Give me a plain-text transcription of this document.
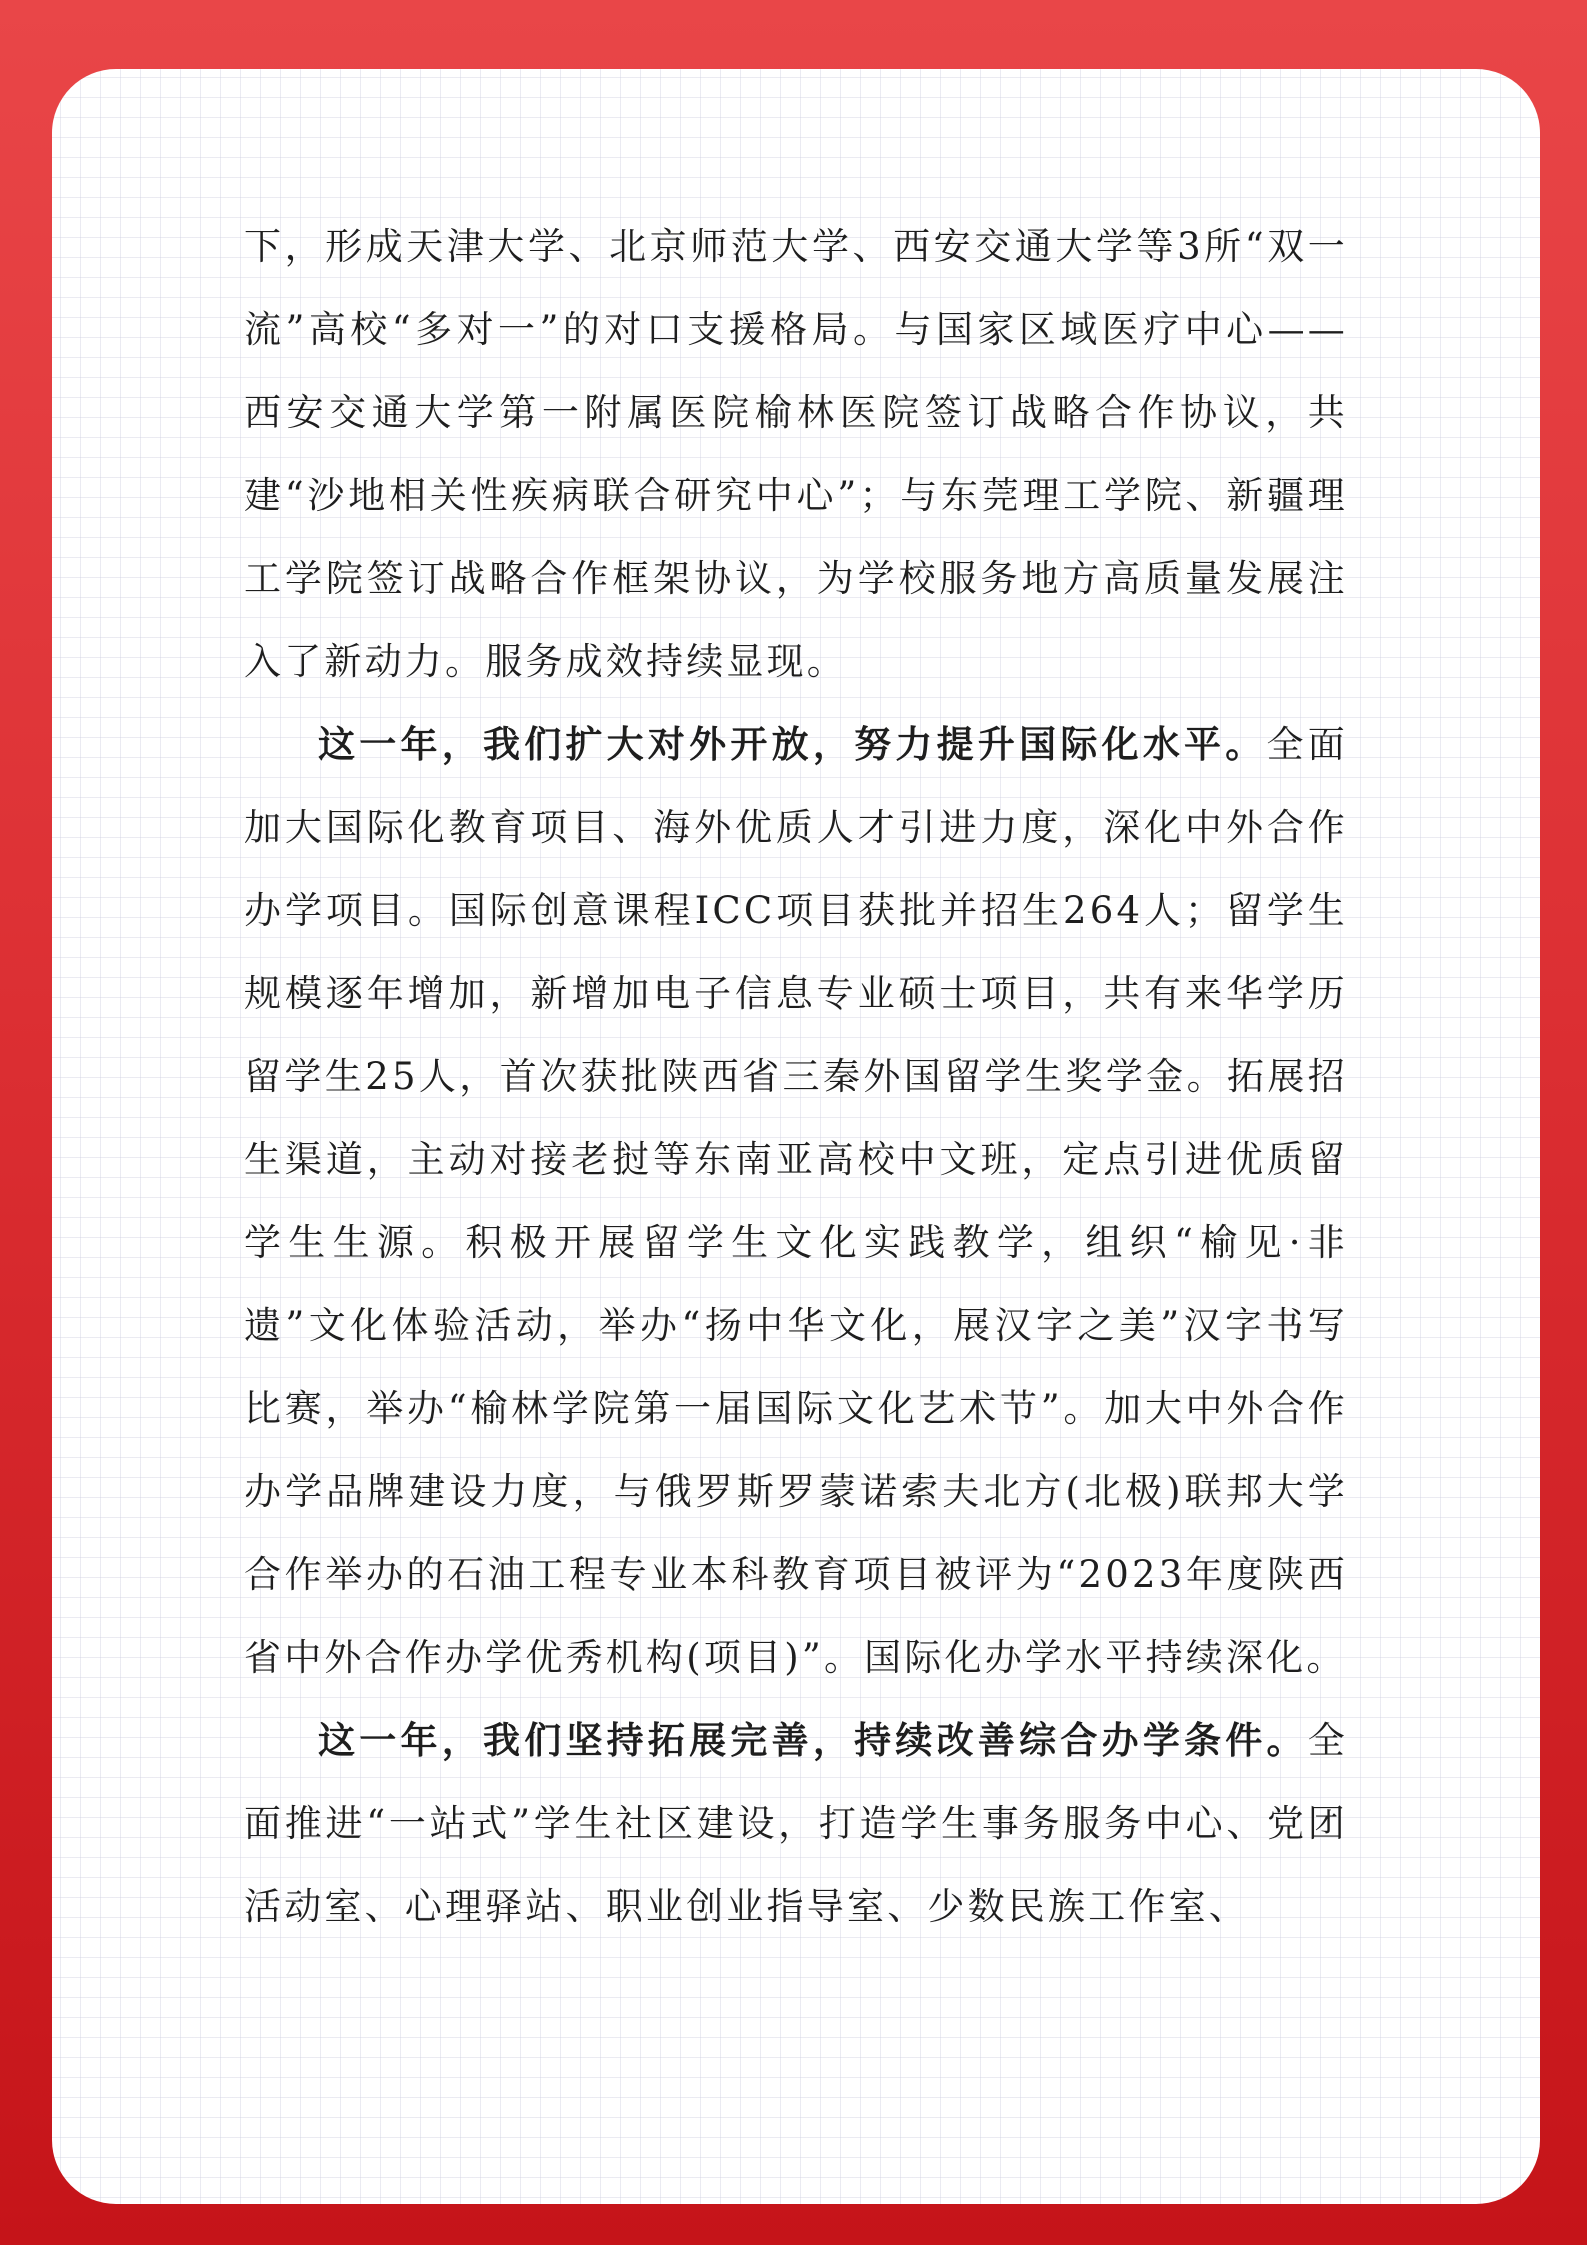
下，形成天津大学、北京师范大学、西安交通大学等3所“双一流”高校“多对一”的对口支援格局。与国家区域医疗中心——西安交通大学第一附属医院榆林医院签订战略合作协议，共建“沙地相关性疾病联合研究中心”；与东莞理工学院、新疆理工学院签订战略合作框架协议，为学校服务地方高质量发展注入了新动力。服务成效持续显现。

这一年，我们扩大对外开放，努力提升国际化水平。全面加大国际化教育项目、海外优质人才引进力度，深化中外合作办学项目。国际创意课程ICC项目获批并招生264人；留学生规模逐年增加，新增加电子信息专业硕士项目，共有来华学历留学生25人，首次获批陕西省三秦外国留学生奖学金。拓展招生渠道，主动对接老挝等东南亚高校中文班，定点引进优质留学生生源。积极开展留学生文化实践教学，组织“榆见·非遗”文化体验活动，举办“扬中华文化，展汉字之美”汉字书写比赛，举办“榆林学院第一届国际文化艺术节”。加大中外合作办学品牌建设力度，与俄罗斯罗蒙诺索夫北方(北极)联邦大学合作举办的石油工程专业本科教育项目被评为“2023年度陕西省中外合作办学优秀机构(项目)”。国际化办学水平持续深化。

这一年，我们坚持拓展完善，持续改善综合办学条件。全面推进“一站式”学生社区建设，打造学生事务服务中心、党团活动室、心理驿站、职业创业指导室、少数民族工作室、
